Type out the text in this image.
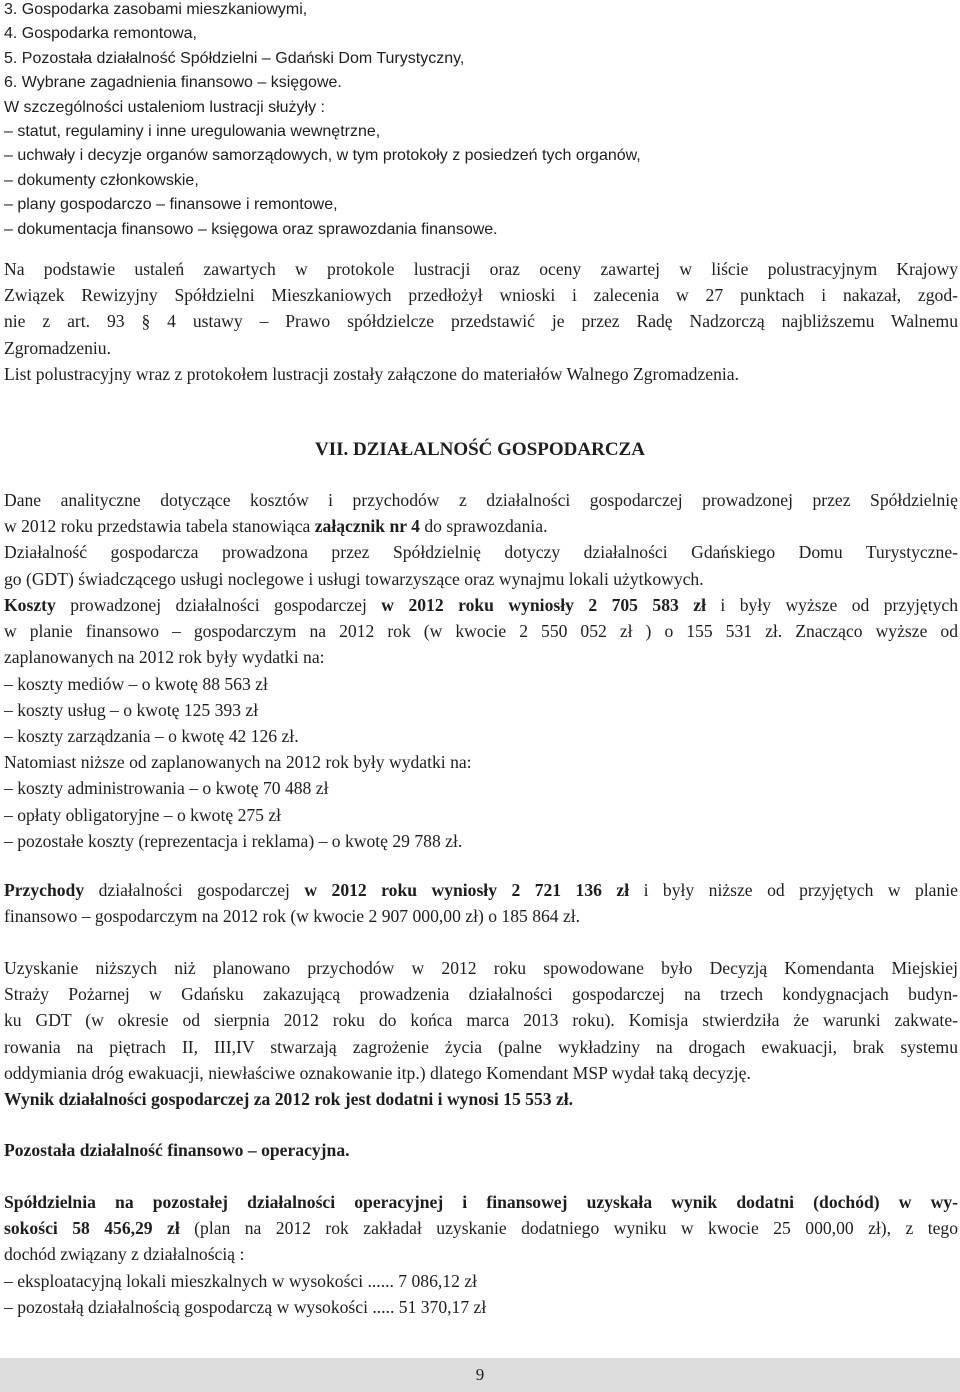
3. Gospodarka zasobami mieszkaniowymi,
4. Gospodarka remontowa,
5. Pozostała działalność Spółdzielni – Gdański Dom Turystyczny,
6. Wybrane zagadnienia finansowo – księgowe.
W szczególności ustaleniom lustracji służyły :
– statut, regulaminy i inne uregulowania wewnętrzne,
– uchwały i decyzje organów samorządowych, w tym protokoły z posiedzeń tych organów,
– dokumenty członkowskie,
– plany gospodarczo – finansowe i remontowe,
– dokumentacja finansowo – księgowa oraz sprawozdania finansowe.
Na podstawie ustaleń zawartych w protokole lustracji oraz oceny zawartej w liście polustracyjnym Krajowy
Związek Rewizyjny Spółdzielni Mieszkaniowych przedłożył wnioski i zalecenia w 27 punktach i nakazał, zgod-
nie z art. 93 § 4 ustawy – Prawo spółdzielcze przedstawić je przez Radę Nadzorczą najbliższemu Walnemu
Zgromadzeniu.
List polustracyjny wraz z protokołem lustracji zostały załączone do materiałów Walnego Zgromadzenia.
VII. DZIAŁALNOŚĆ GOSPODARCZA
Dane analityczne dotyczące kosztów i przychodów z działalności gospodarczej prowadzonej przez Spółdzielnię
w 2012 roku przedstawia tabela stanowiąca załącznik nr 4 do sprawozdania.
Działalność gospodarcza prowadzona przez Spółdzielnię dotyczy działalności Gdańskiego Domu Turystyczne-
go (GDT) świadczącego usługi noclegowe i usługi towarzyszące oraz wynajmu lokali użytkowych.
Koszty prowadzonej działalności gospodarczej w 2012 roku wyniosły 2 705 583 zł i były wyższe od przyjętych
w planie finansowo – gospodarczym na 2012 rok (w kwocie 2 550 052 zł ) o 155 531 zł. Znacząco wyższe od
zaplanowanych na 2012 rok były wydatki na:
– koszty mediów – o kwotę 88 563 zł
– koszty usług – o kwotę 125 393 zł
– koszty zarządzania – o kwotę 42 126 zł.
Natomiast niższe od zaplanowanych na 2012 rok były wydatki na:
– koszty administrowania – o kwotę 70 488 zł
– opłaty obligatoryjne – o kwotę 275 zł
– pozostałe koszty (reprezentacja i reklama) – o kwotę 29 788 zł.
Przychody działalności gospodarczej w 2012 roku wyniosły 2 721 136 zł i były niższe od przyjętych w planie
finansowo – gospodarczym na 2012 rok (w kwocie 2 907 000,00 zł) o 185 864 zł.
Uzyskanie niższych niż planowano przychodów w 2012 roku spowodowane było Decyzją Komendanta Miejskiej
Straży Pożarnej w Gdańsku zakazującą prowadzenia działalności gospodarczej na trzech kondygnacjach budyn-
ku GDT (w okresie od sierpnia 2012 roku do końca marca 2013 roku). Komisja stwierdziła że warunki zakwate-
rowania na piętrach II, III,IV stwarzają zagrożenie życia (palne wykładziny na drogach ewakuacji, brak systemu
oddymiania dróg ewakuacji, niewłaściwe oznakowanie itp.) dlatego Komendant MSP wydał taką decyzję.
Wynik działalności gospodarczej za 2012 rok jest dodatni i wynosi 15 553 zł.
Pozostała działalność finansowo – operacyjna.
Spółdzielnia na pozostałej działalności operacyjnej i finansowej uzyskała wynik dodatni (dochód) w wy-
sokości 58 456,29 zł (plan na 2012 rok zakładał uzyskanie dodatniego wyniku w kwocie 25 000,00 zł), z tego
dochód związany z działalnością :
– eksploatacyjną lokali mieszkalnych w wysokości ...... 7 086,12 zł
– pozostałą działalnością gospodarczą w wysokości ..... 51 370,17 zł
9
